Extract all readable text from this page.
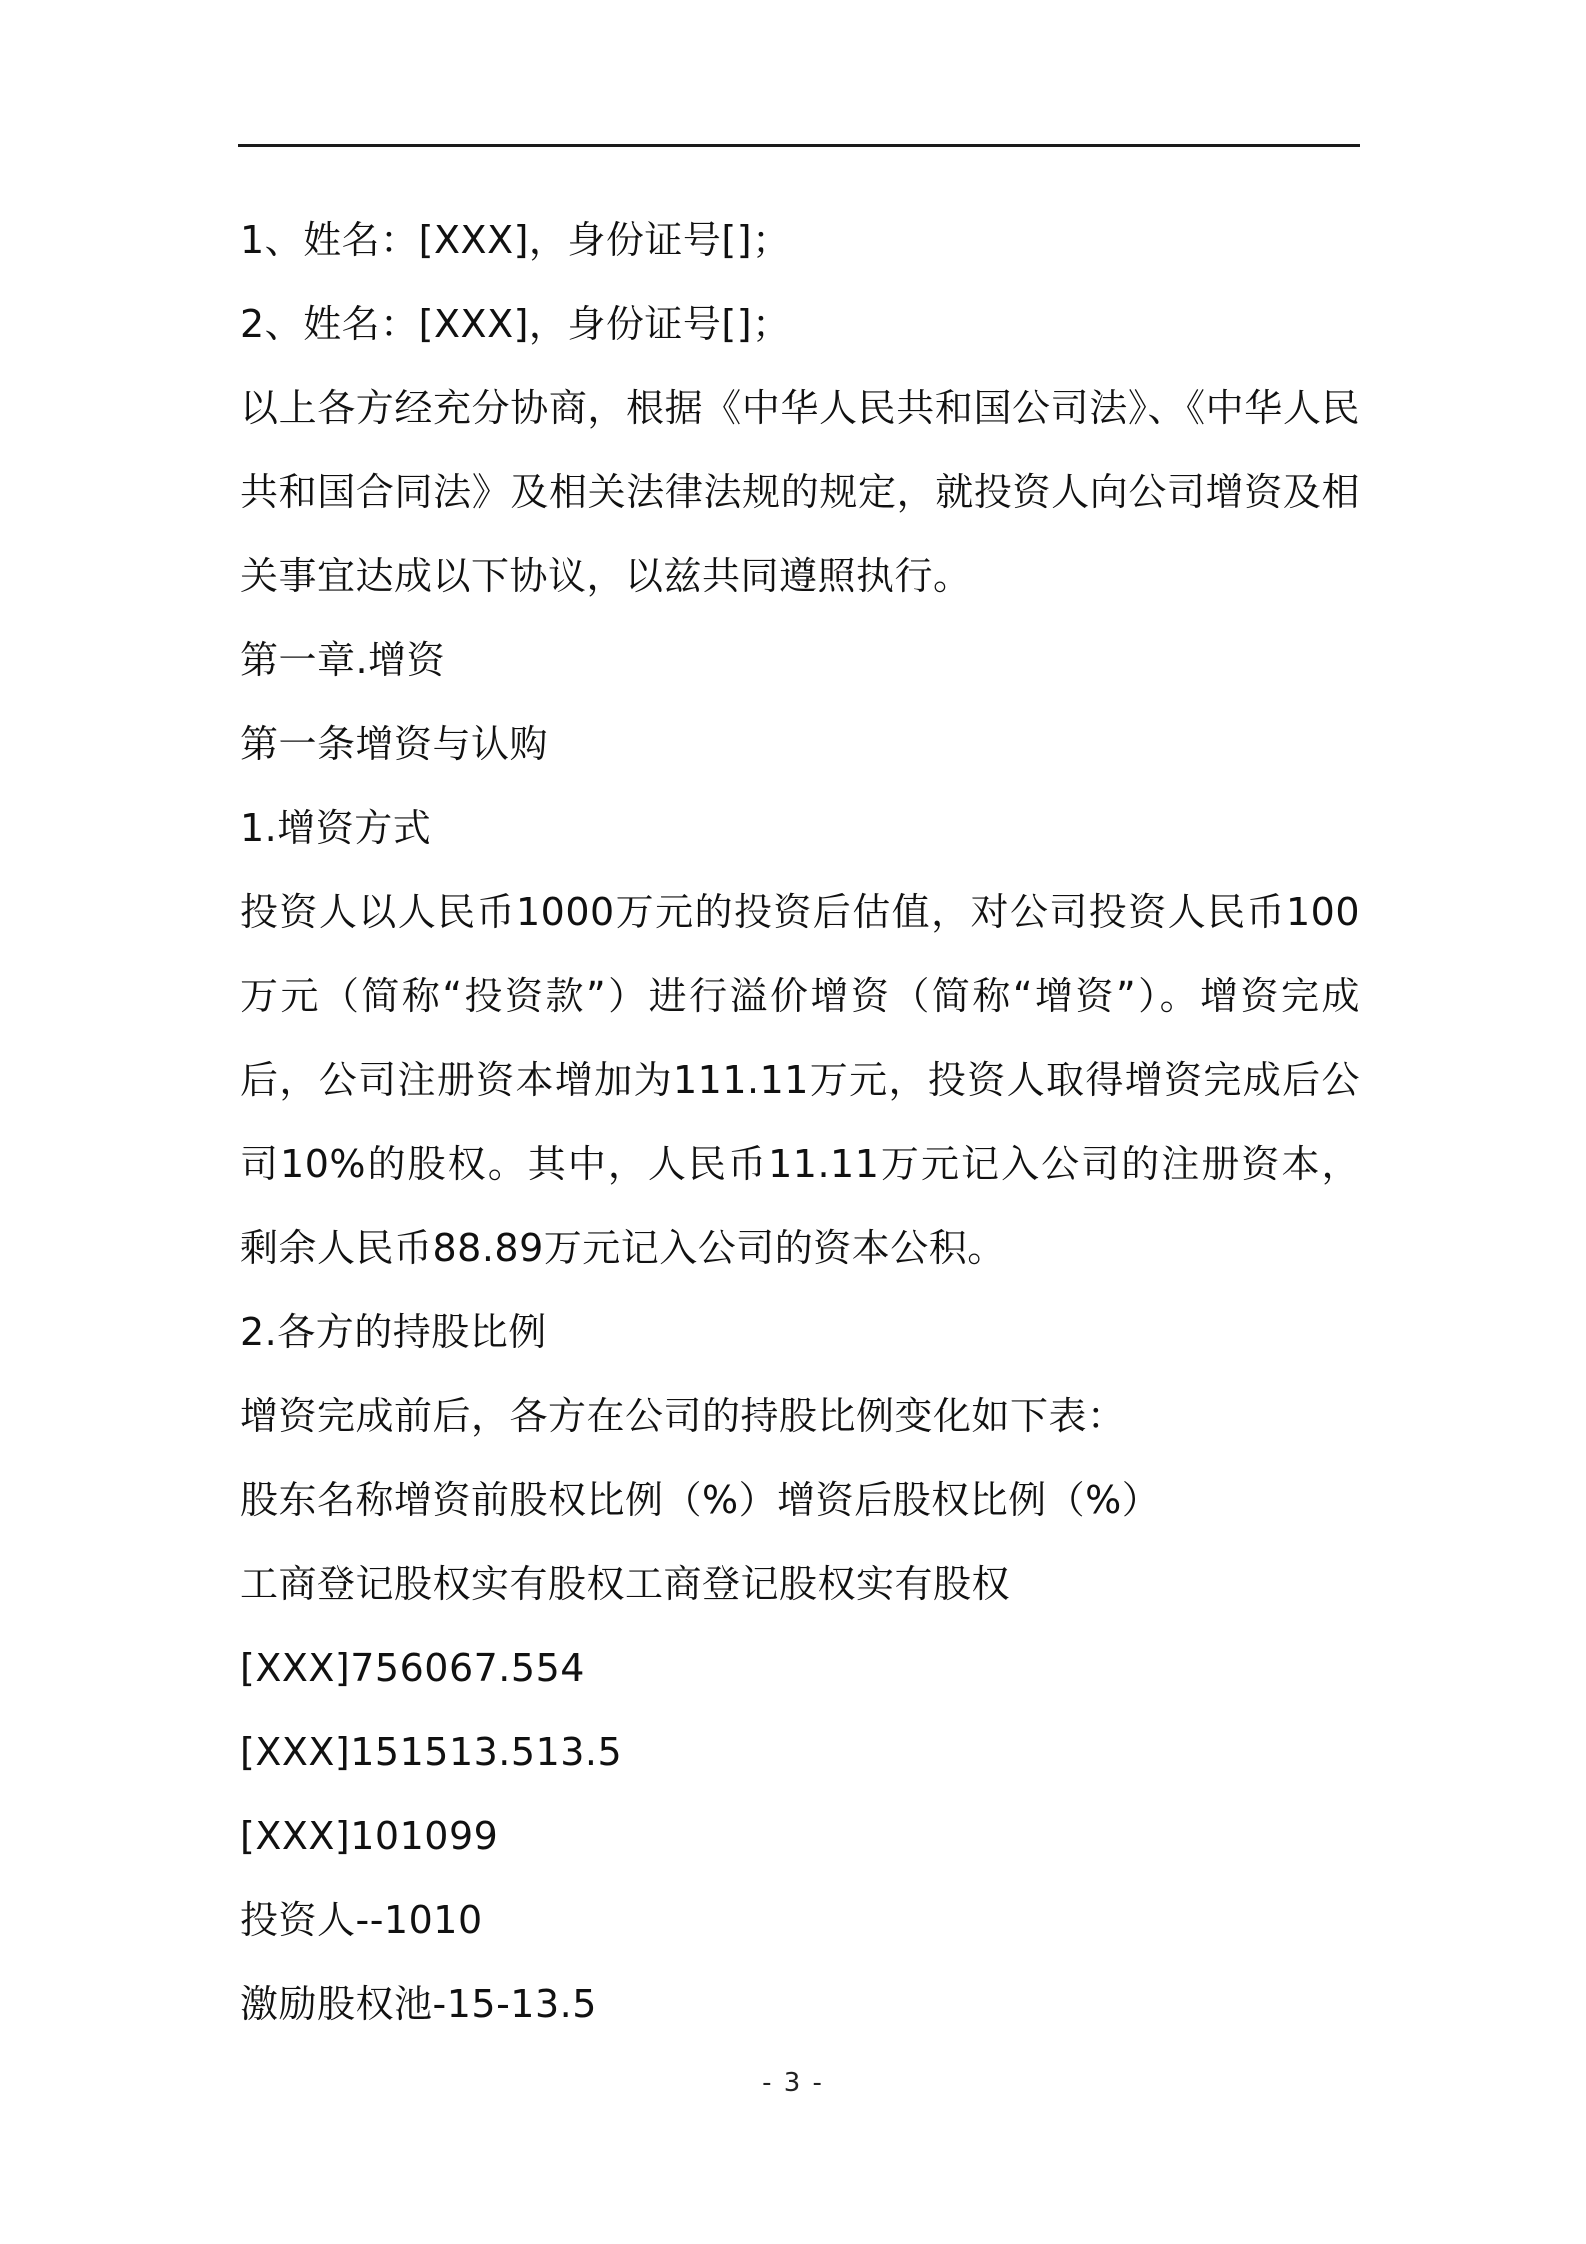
1、姓名：[XXX]，身份证号[]；
2、姓名：[XXX]，身份证号[]；
以上各方经充分协商，根据《中华人民共和国公司法》、《中华人民共和国合同法》及相关法律法规的规定，就投资人向公司增资及相关事宜达成以下协议，以兹共同遵照执行。
第一章.增资
第一条增资与认购
1.增资方式
投资人以人民币1000万元的投资后估值，对公司投资人民币100万元（简称“投资款”）进行溢价增资（简称“增资”）。增资完成后，公司注册资本增加为111.11万元，投资人取得增资完成后公司10%的股权。其中，人民币11.11万元记入公司的注册资本，剩余人民币88.89万元记入公司的资本公积。
2.各方的持股比例
增资完成前后，各方在公司的持股比例变化如下表：
股东名称增资前股权比例（%）增资后股权比例（%）
工商登记股权实有股权工商登记股权实有股权
[XXX]756067.554
[XXX]151513.513.5
[XXX]101099
投资人--1010
激励股权池-15-13.5
- 3 -
